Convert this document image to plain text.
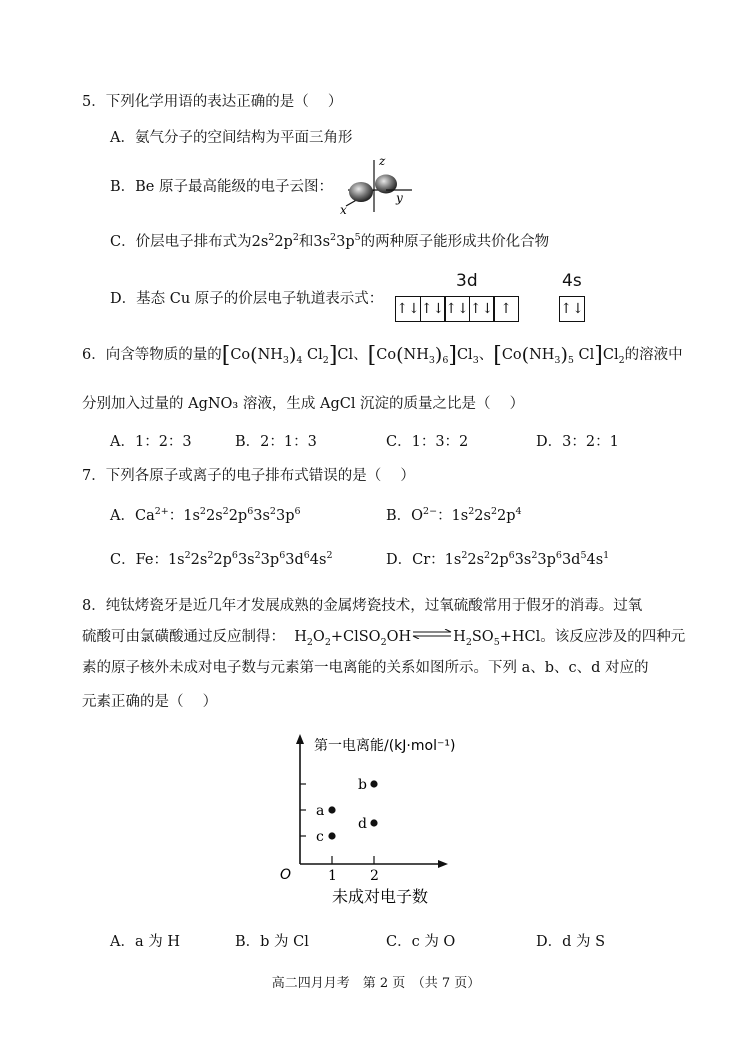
5．下列化学用语的表达正确的是（　 ）
A．氨气分子的空间结构为平面三角形
B．Be 原子最高能级的电子云图：
z
x
y
C．价层电子排布式为$2s^22p^2$和$3s^23p^5$的两种原子能形成共价化合物
3d	4s
D．基态 Cu 原子的价层电子轨道表示式：
↑↓↑↓↑↓↑↓ ↑	↑↓
6．向含等物质的量的[$Co(NH_3)_4$ $Cl_2]Cl$、$[Co(NH_3)_6]Cl_3$、[$Co(NH_3)_5$ $Cl]Cl_2$的溶液中
分别加入过量的 AgNO₃ 溶液，生成 AgCl 沉淀的质量之比是（　 ）
A．1：2：3	B．2：1：3	C．1：3：2	D．3：2：1
7．下列各原子或离子的电子排布式错误的是（　 ）
A．$Ca^{2+}$：$1s^22s^22p^63s^23p^6$	B．$O^{2-}$：$1s^22s^22p^4$
C．Fe：$1s^22s^22p^63s^23p^63d^64s^2$	D．Cr：$1s^22s^22p^63s^23p^63d^54s^1$
8．纯钛烤瓷牙是近几年才发展成熟的金属烤瓷技术，过氧硫酸常用于假牙的消毒。过氧
硫酸可由氯磺酸通过反应制得：  $H_2O_2+ClSO_2OH$	$H_2SO_5+HCl$。该反应涉及的四种元
素的原子核外未成对电子数与元素第一电离能的关系如图所示。下列 a、b、c、d 对应的
元素正确的是（　 ）
1 2
a
c
b
d
第一电离能/(kJ·mol⁻¹)
O
未成对电子数
A．a 为 H	B．b 为 Cl	C．c 为 O	D．d 为 S
高二四月月考　第 2 页　（共 7 页）
